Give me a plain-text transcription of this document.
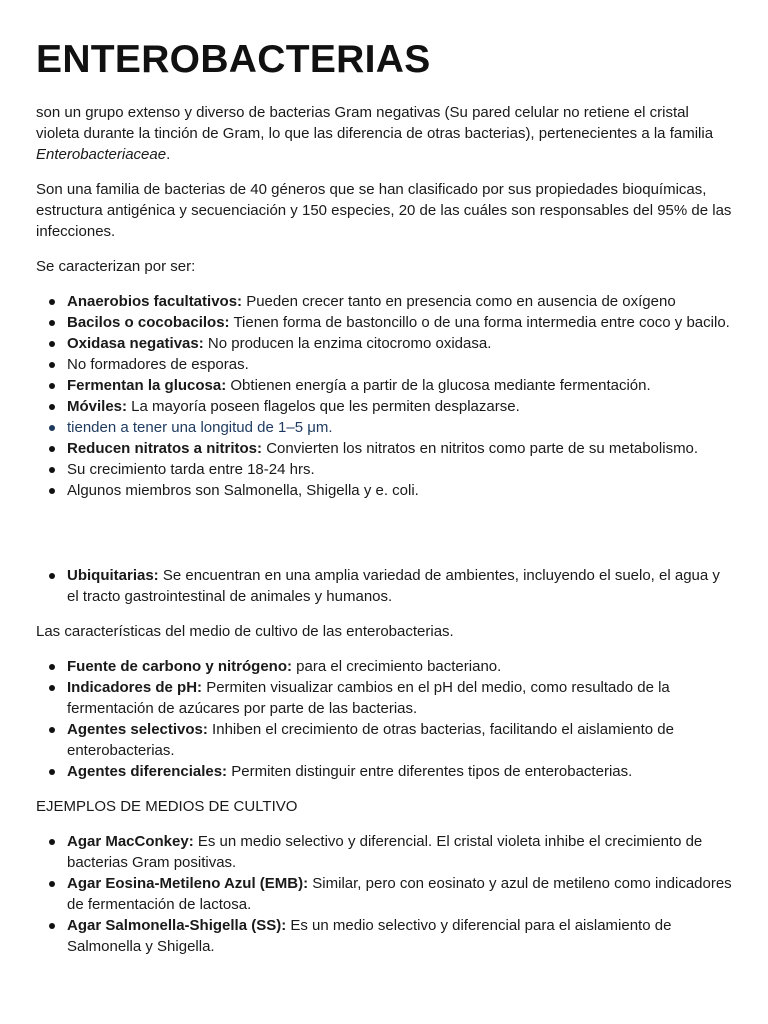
ENTEROBACTERIAS

son un grupo extenso y diverso de bacterias Gram negativas (Su pared celular no retiene el cristal violeta durante la tinción de Gram, lo que las diferencia de otras bacterias), pertenecientes a la familia Enterobacteriaceae.

Son una familia de bacterias de 40 géneros que se han clasificado por sus propiedades bioquímicas, estructura antigénica y secuenciación y 150 especies, 20 de las cuáles son responsables del 95% de las infecciones.

Se caracterizan por ser:

Anaerobios facultativos: Pueden crecer tanto en presencia como en ausencia de oxígeno
Bacilos o cocobacilos: Tienen forma de bastoncillo o de una forma intermedia entre coco y bacilo.
Oxidasa negativas: No producen la enzima citocromo oxidasa.
No formadores de esporas.
Fermentan la glucosa: Obtienen energía a partir de la glucosa mediante fermentación.
Móviles: La mayoría poseen flagelos que les permiten desplazarse.
tienden a tener una longitud de 1–5 μm.
Reducen nitratos a nitritos: Convierten los nitratos en nitritos como parte de su metabolismo.
Su crecimiento tarda entre 18-24 hrs.
Algunos miembros son Salmonella, Shigella y e. coli.
Ubiquitarias: Se encuentran en una amplia variedad de ambientes, incluyendo el suelo, el agua y el tracto gastrointestinal de animales y humanos.

Las características del medio de cultivo de las enterobacterias.

Fuente de carbono y nitrógeno: para el crecimiento bacteriano.
Indicadores de pH: Permiten visualizar cambios en el pH del medio, como resultado de la fermentación de azúcares por parte de las bacterias.
Agentes selectivos: Inhiben el crecimiento de otras bacterias, facilitando el aislamiento de enterobacterias.
Agentes diferenciales: Permiten distinguir entre diferentes tipos de enterobacterias.

EJEMPLOS DE MEDIOS DE CULTIVO

Agar MacConkey: Es un medio selectivo y diferencial. El cristal violeta inhibe el crecimiento de bacterias Gram positivas.
Agar Eosina-Metileno Azul (EMB): Similar, pero con eosinato y azul de metileno como indicadores de fermentación de lactosa.
Agar Salmonella-Shigella (SS): Es un medio selectivo y diferencial para el aislamiento de Salmonella y Shigella.
